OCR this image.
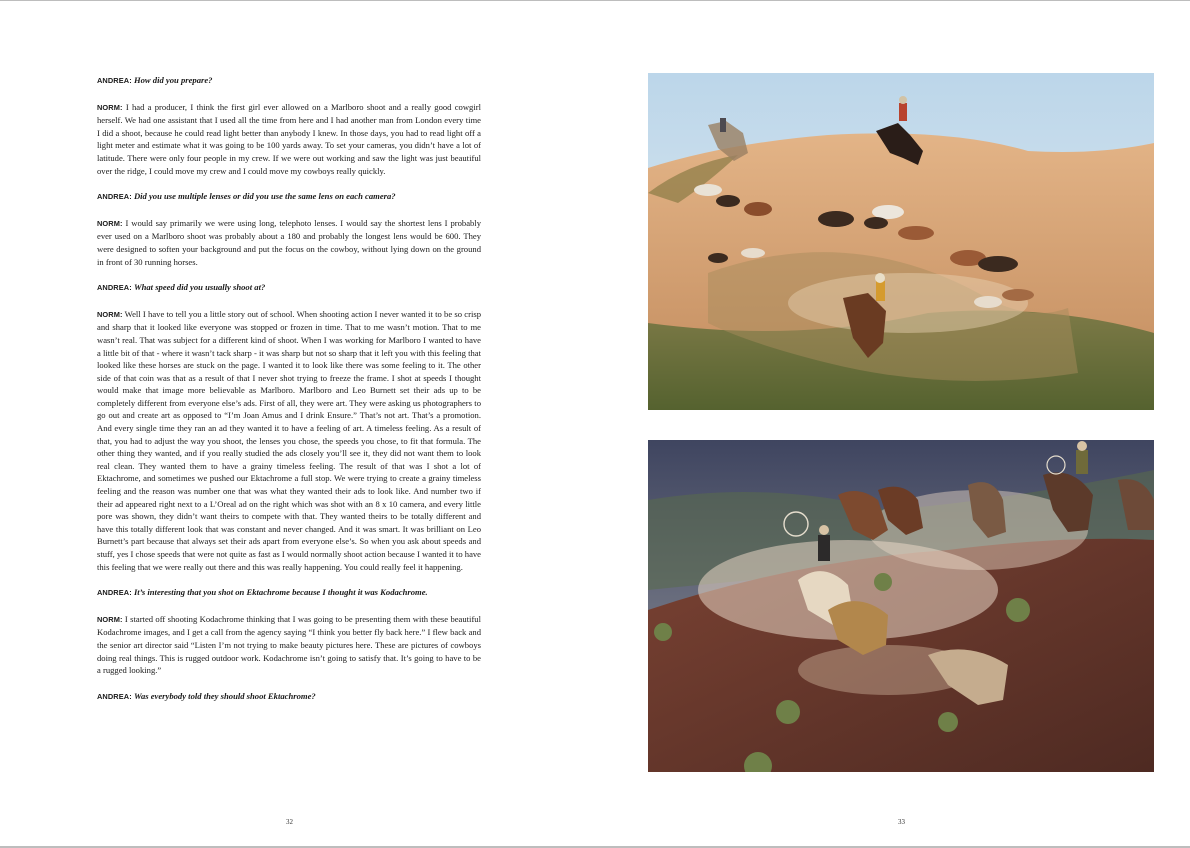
ANDREA: How did you prepare?

NORM: I had a producer, I think the first girl ever allowed on a Marlboro shoot and a really good cowgirl herself. We had one assistant that I used all the time from here and I had another man from London every time I did a shoot, because he could read light better than anybody I knew. In those days, you had to read light off a light meter and estimate what it was going to be 100 yards away. To set your cameras, you didn’t have a lot of latitude. There were only four people in my crew. If we were out working and saw the light was just beautiful over the ridge, I could move my crew and I could move my cowboys really quickly.

ANDREA: Did you use multiple lenses or did you use the same lens on each camera?

NORM: I would say primarily we were using long, telephoto lenses. I would say the shortest lens I probably ever used on a Marlboro shoot was probably about a 180 and probably the longest lens would be 600. They were designed to soften your background and put the focus on the cowboy, without lying down on the ground in front of 30 running horses.

ANDREA: What speed did you usually shoot at?

NORM: Well I have to tell you a little story out of school. When shooting action I never wanted it to be so crisp and sharp that it looked like everyone was stopped or frozen in time. That to me wasn’t motion. That to me wasn’t real. That was subject for a different kind of shoot. When I was working for Marlboro I wanted to have a little bit of that - where it wasn’t tack sharp - it was sharp but not so sharp that it left you with this feeling that looked like these horses are stuck on the page. I wanted it to look like there was some feeling to it. The other side of that coin was that as a result of that I never shot trying to freeze the frame. I shot at speeds I thought would make that image more believable as Marlboro. Marlboro and Leo Burnett set their ads up to be completely different from everyone else’s ads. First of all, they were art. They were asking us photographers to go out and create art as opposed to “I’m Joan Amus and I drink Ensure.” That’s not art. That’s a promotion. And every single time they ran an ad they wanted it to have a feeling of art. A timeless feeling. As a result of that, you had to adjust the way you shoot, the lenses you chose, the speeds you chose, to fit that formula. The other thing they wanted, and if you really studied the ads closely you’ll see it, they did not want them to look real clean. They wanted them to have a grainy timeless feeling. The result of that was I shot a lot of Ektachrome, and sometimes we pushed our Ektachrome a full stop. We were trying to create a grainy timeless feeling and the reason was number one that was what they wanted their ads to look like. And number two if their ad appeared right next to a L’Oreal ad on the right which was shot with an 8 x 10 camera, and every little pore was shown, they didn’t want theirs to compete with that. They wanted theirs to be totally different and have this totally different look that was constant and never changed. And it was smart. It was brilliant on Leo Burnett’s part because that always set their ads apart from everyone else’s. So when you ask about speeds and stuff, yes I chose speeds that were not quite as fast as I would normally shoot action because I wanted it to have this feeling that we were really out there and this was really happening. You could really feel it happening.

ANDREA: It’s interesting that you shot on Ektachrome because I thought it was Kodachrome.

NORM: I started off shooting Kodachrome thinking that I was going to be presenting them with these beautiful Kodachrome images, and I get a call from the agency saying “I think you better fly back here.” I flew back and the senior art director said “Listen I’m not trying to make beauty pictures here. These are pictures of cowboys doing real things. This is rugged outdoor work. Kodachrome isn’t going to satisfy that. It’s going to have to be a rugged looking.”

ANDREA: Was everybody told they should shoot Ektachrome?

32	33
